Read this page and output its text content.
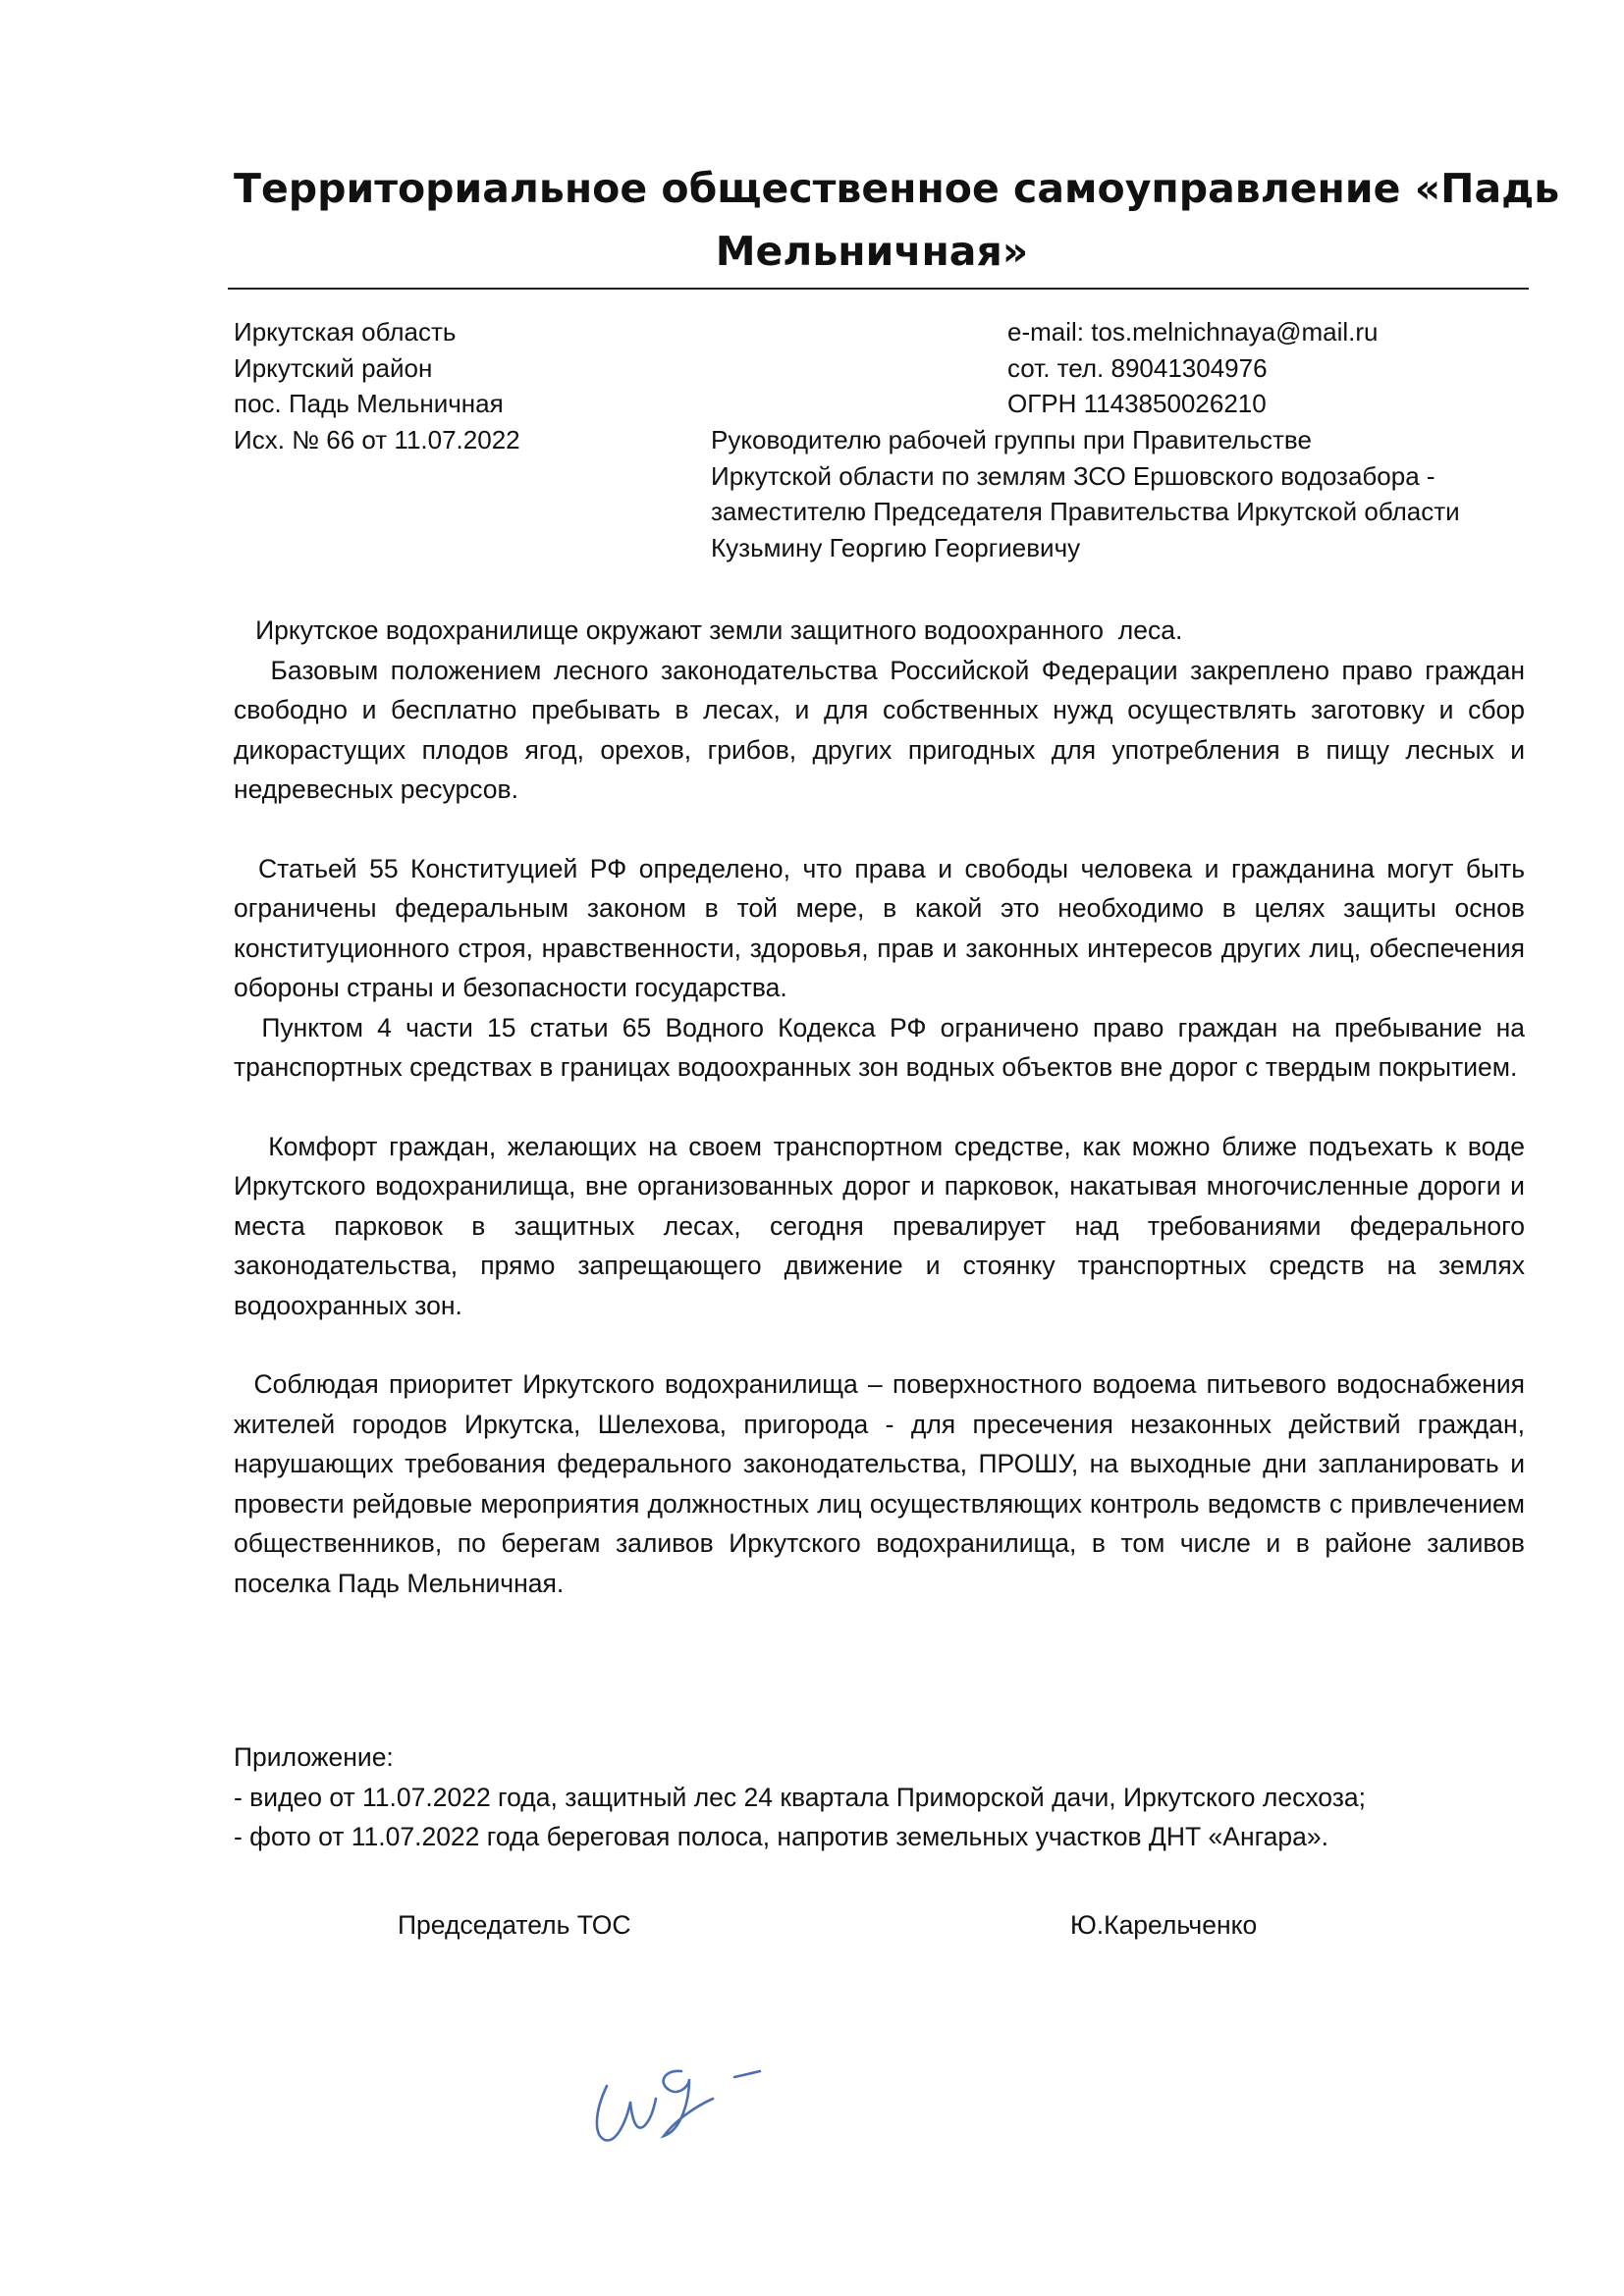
Территориальное общественное самоуправление «Падь
Мельничная»
Иркутская область
Иркутский район
пос. Падь Мельничная
Исх. № 66 от 11.07.2022
e-mail: tos.melnichnaya@mail.ru
сот. тел. 89041304976
ОГРН 1143850026210
Руководителю рабочей группы при Правительстве
Иркутской области по землям ЗСО Ершовского водозабора -
заместителю Председателя Правительства Иркутской области
Кузьмину Георгию Георгиевичу

Иркутское водохранилище окружают земли защитного водоохранного  леса.

Базовым положением лесного законодательства Российской Федерации закреплено право граждан свободно и бесплатно пребывать в лесах, и для собственных нужд осуществлять заготовку и сбор дикорастущих плодов ягод, орехов, грибов, других пригодных для употребления в пищу лесных и недревесных ресурсов.

Статьей 55 Конституцией РФ определено, что права и свободы человека и гражданина могут быть ограничены федеральным законом в той мере, в какой это необходимо в целях защиты основ конституционного строя, нравственности, здоровья, прав и законных интересов других лиц, обеспечения обороны страны и безопасности государства.

Пунктом 4 части 15 статьи 65 Водного Кодекса РФ ограничено право граждан на пребывание на транспортных средствах в границах водоохранных зон водных объектов вне дорог с твердым покрытием.

Комфорт граждан, желающих на своем транспортном средстве, как можно ближе подъехать к воде Иркутского водохранилища, вне организованных дорог и парковок, накатывая многочисленные дороги и места парковок в защитных лесах, сегодня превалирует над требованиями федерального законодательства, прямо запрещающего движение и стоянку транспортных средств на землях водоохранных зон.

Соблюдая приоритет Иркутского водохранилища – поверхностного водоема питьевого водоснабжения жителей городов Иркутска, Шелехова, пригорода - для пресечения незаконных действий граждан, нарушающих требования федерального законодательства, ПРОШУ, на выходные дни запланировать и провести рейдовые мероприятия должностных лиц осуществляющих контроль ведомств с привлечением общественников, по берегам заливов Иркутского водохранилища, в том числе и в районе заливов поселка Падь Мельничная.

Приложение:

- видео от 11.07.2022 года, защитный лес 24 квартала Приморской дачи, Иркутского лесхоза;

- фото от 11.07.2022 года береговая полоса, напротив земельных участков ДНТ «Ангара».

Председатель ТОС	Ю.Карельченко
